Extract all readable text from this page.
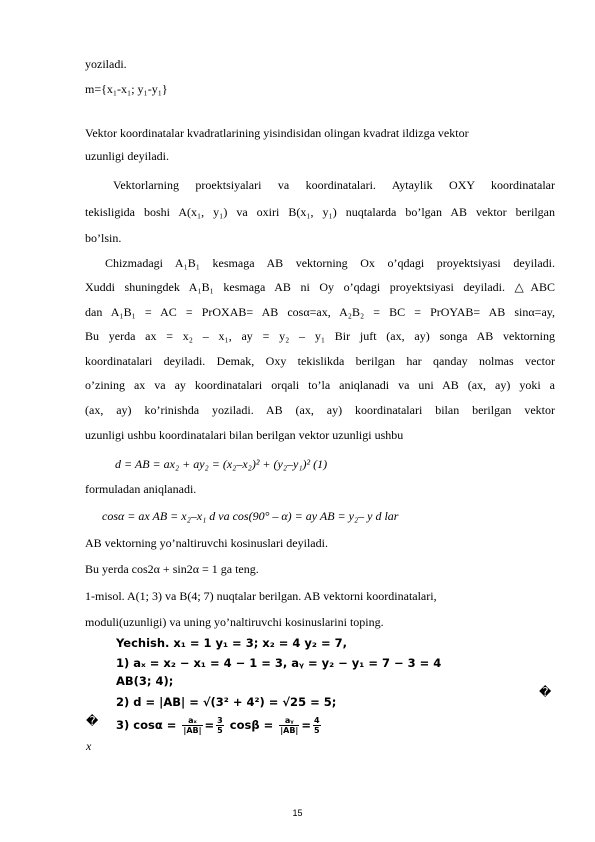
yoziladi.
m={x₁-x₁; y₁-y₁}
Vektor koordinatalar kvadratlarining yisindisidan olingan kvadrat ildizga vektor
uzunligi deyiladi.
Vektorlarning proektsiyalari va koordinatalari. Aytaylik OXY koordinatalar
tekisligida boshi A(x₁, y₁) va oxiri B(x₁, y₁) nuqtalarda bo’lgan AB vektor berilgan
bo’lsin.
Chizmadagi A₁B₁ kesmaga AB vektorning Ox o’qdagi proyektsiyasi deyiladi.
Xuddi shuningdek A₁B₁ kesmaga AB ni Oy o’qdagi proyektsiyasi deyiladi. △ABC
dan A₁B₁ = AC = PrOXAB= AB cosα=ax, A₂B₂ = BC = PrOYAB= AB sinα=ay,
Bu yerda ax = x₂ – x₁, ay = y₂ – y₁ Bir juft (ax, ay) songa AB vektorning
koordinatalari deyiladi. Demak, Oxy tekislikda berilgan har qanday nolmas vector
o’zining ax va ay koordinatalari orqali to’la aniqlanadi va uni AB (ax, ay) yoki a
(ax, ay) ko’rinishda yoziladi. AB (ax, ay) koordinatalari bilan berilgan vektor
uzunligi ushbu koordinatalari bilan berilgan vektor uzunligi ushbu
d = AB = ax₂ + ay₂ = (x₂–x₂)² + (y₂–y₁)² (1)
formuladan aniqlanadi.
cosα = ax AB = x₂–x₁ d va cos(90° – α) = ay AB = y₂– y d lar
AB vektorning yo’naltiruvchi kosinuslari deyiladi.
Bu yerda cos2α + sin2α = 1 ga teng.
1-misol. A(1; 3) va B(4; 7) nuqtalar berilgan. AB vektorni koordinatalari,
moduli(uzunligi) va uning yo’naltiruvchi kosinuslarini toping.
Yechish. x₁ = 1 y₁ = 3; x₂ = 4 y₂ = 7,
1) aₓ = x₂ − x₁ = 4 − 1 = 3, aᵧ = y₂ − y₁ = 7 − 3 = 4
AB(3; 4);
2) d = |AB| = √(3² + 4²) = √25 = 5;
3) $\cos\alpha = \frac{\text{aₓ}}{|AB|} = \frac{3}{5}$ $\cos\beta = \frac{\text{aᵧ}}{|AB|} = \frac{4}{5}$
�
�
x
15
